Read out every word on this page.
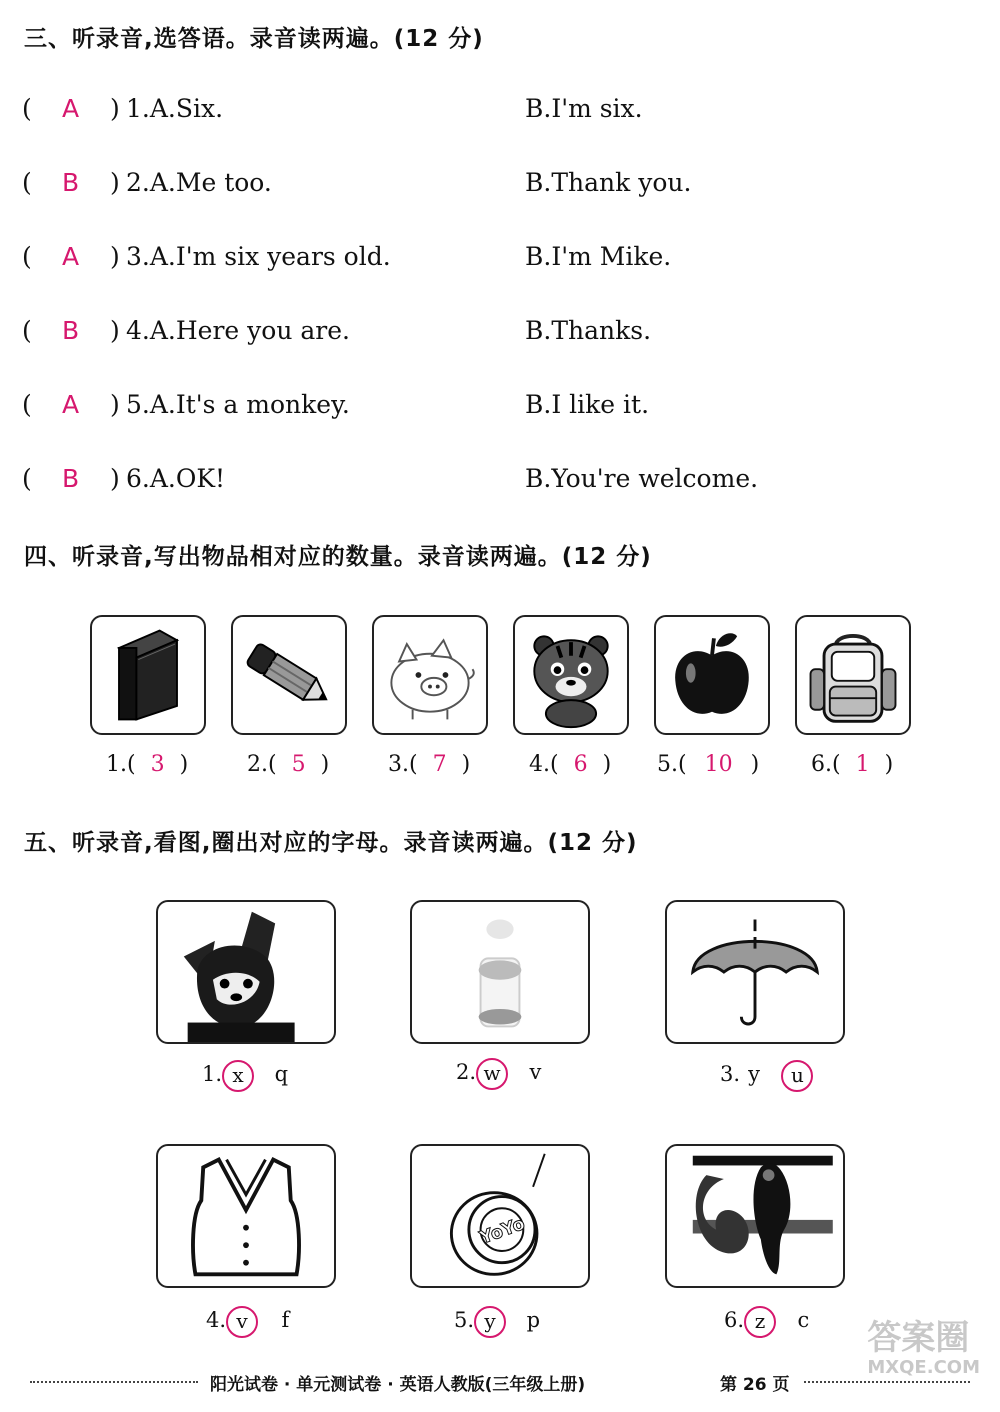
三、听录音,选答语。录音读两遍。(12 分)
( A ) 1.A.Six.	B.I'm six.
( B ) 2.A.Me too.	B.Thank you.
( A ) 3.A.I'm six years old.	B.I'm Mike.
( B ) 4.A.Here you are.	B.Thanks.
( A ) 5.A.It's a monkey.	B.I like it.
( B ) 6.A.OK!	B.You're welcome.
四、听录音,写出物品相对应的数量。录音读两遍。(12 分)
1.( 3 )	2.( 5 )	3.( 7 )	4.( 6 ) 5.( 10 ) 6.( 1 )
五、听录音,看图,圈出对应的字母。录音读两遍。(12 分)
1. x q	2. w v	3. y u
YoYo
4. v f	5. y p	6. z c
阳光试卷 · 单元测试卷 · 英语人教版(三年级上册)	第 26 页
答案圈
MXQE.COM
